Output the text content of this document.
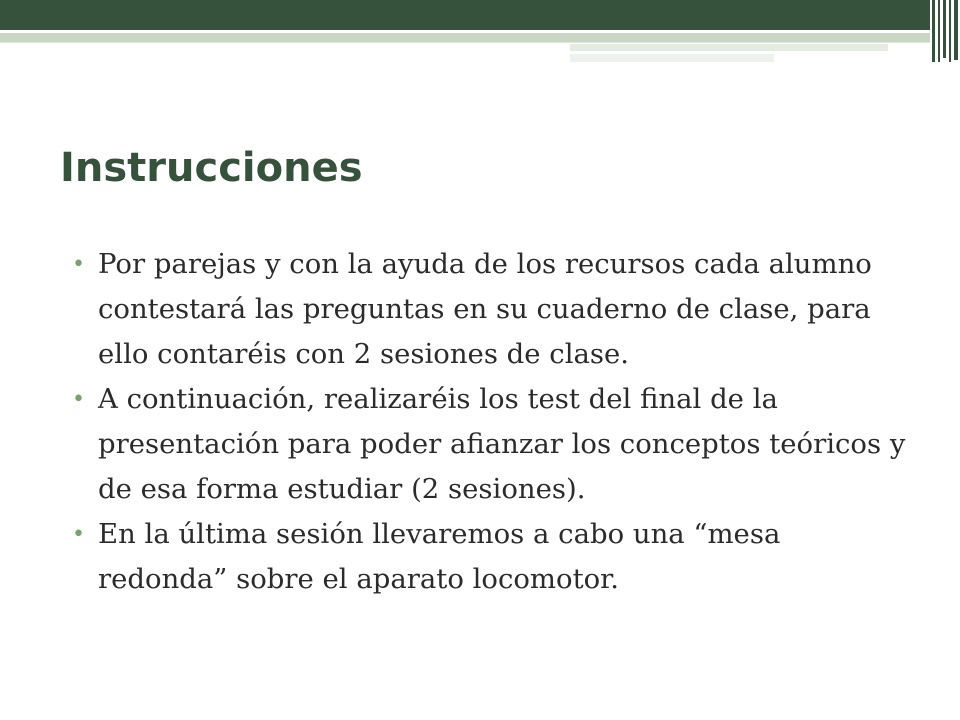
Instrucciones
• Por parejas y con la ayuda de los recursos cada alumno contestará las preguntas en su cuaderno de clase, para ello contaréis con 2 sesiones de clase.
• A continuación, realizaréis los test del final de la presentación para poder afianzar los conceptos teóricos y de esa forma estudiar (2 sesiones).
• En la última sesión llevaremos a cabo una “mesa redonda” sobre el aparato locomotor.
